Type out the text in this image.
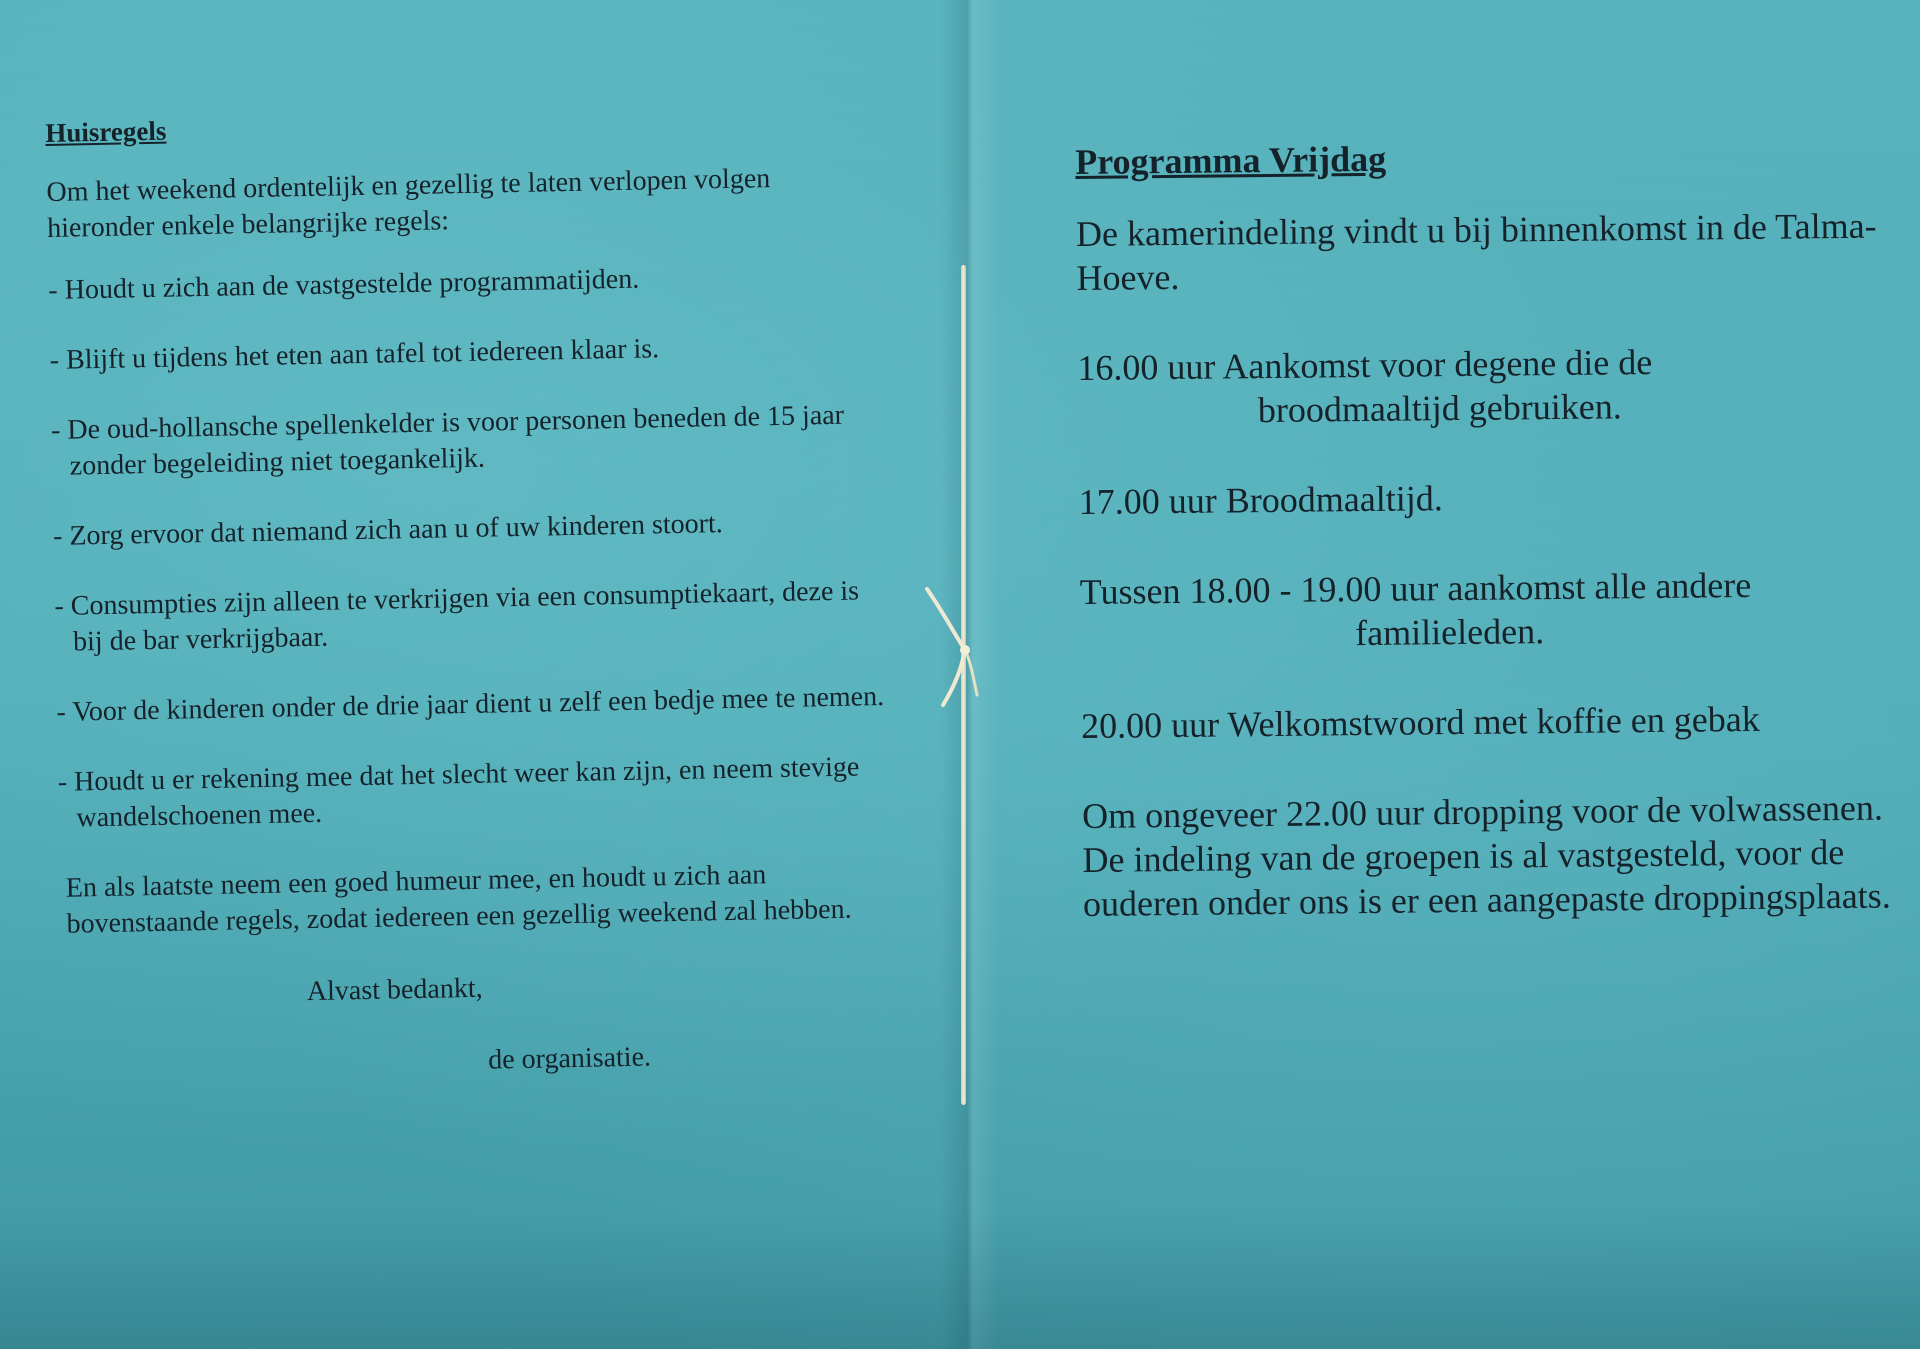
Huisregels
Om het weekend ordentelijk en gezellig te laten verlopen volgen hieronder enkele belangrijke regels:
- Houdt u zich aan de vastgestelde programmatijden.
- Blijft u tijdens het eten aan tafel tot iedereen klaar is.
- De oud-hollansche spellenkelder is voor personen beneden de 15 jaar zonder begeleiding niet toegankelijk.
- Zorg ervoor dat niemand zich aan u of uw kinderen stoort.
- Consumpties zijn alleen te verkrijgen via een consumptiekaart, deze is bij de bar verkrijgbaar.
- Voor de kinderen onder de drie jaar dient u zelf een bedje mee te nemen.
- Houdt u er rekening mee dat het slecht weer kan zijn, en neem stevige wandelschoenen mee.
En als laatste neem een goed humeur mee, en houdt u zich aan bovenstaande regels, zodat iedereen een gezellig weekend zal hebben.
Alvast bedankt,
de organisatie.
Programma Vrijdag
De kamerindeling vindt u bij binnenkomst in de Talma-Hoeve.
16.00 uur Aankomst voor degene die de
broodmaaltijd gebruiken.
17.00 uur Broodmaaltijd.
Tussen 18.00 - 19.00 uur aankomst alle andere
familieleden.
20.00 uur Welkomstwoord met koffie en gebak
Om ongeveer 22.00 uur dropping voor de volwassenen. De indeling van de groepen is al vastgesteld, voor de ouderen onder ons is er een aangepaste droppingsplaats.
